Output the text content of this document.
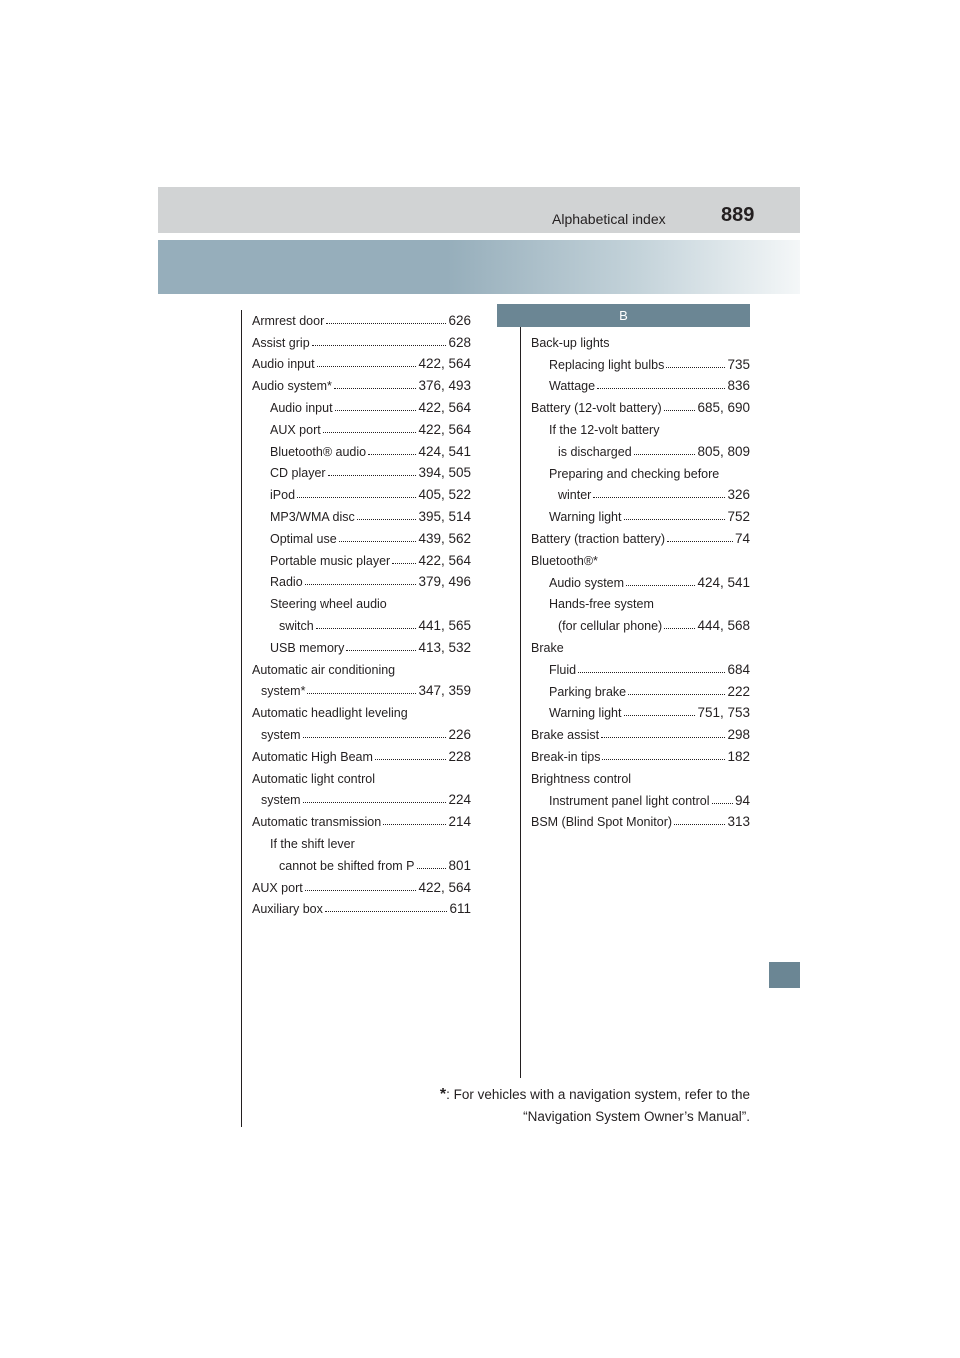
Alphabetical index	889
Armrest door	626
Assist grip	628
Audio input	422, 564
Audio system*	376, 493
Audio input	422, 564
AUX port	422, 564
Bluetooth® audio	424, 541
CD player	394, 505
iPod	405, 522
MP3/WMA disc	395, 514
Optimal use	439, 562
Portable music player 422, 564
Radio	379, 496
Steering wheel audio
switch	441, 565
USB memory	413, 532
Automatic air conditioning
system*	347, 359
Automatic headlight leveling
system	226
Automatic High Beam	228
Automatic light control
system	224
Automatic transmission	214
If the shift lever
cannot be shifted from P	801
AUX port	422, 564
Auxiliary box	611
B
Back-up lights
Replacing light bulbs	735
Wattage	836
Battery (12-volt battery)	685, 690
If the 12-volt battery
is discharged	805, 809
Preparing and checking before
winter	326
Warning light	752
Battery (traction battery)	74
Bluetooth®*
Audio system	424, 541
Hands-free system
(for cellular phone)	444, 568
Brake
Fluid	684
Parking brake	222
Warning light	751, 753
Brake assist	298
Break-in tips	182
Brightness control
Instrument panel light control 94
BSM (Blind Spot Monitor)	313
*: For vehicles with a navigation system, refer to the
“Navigation System Owner’s Manual”.
